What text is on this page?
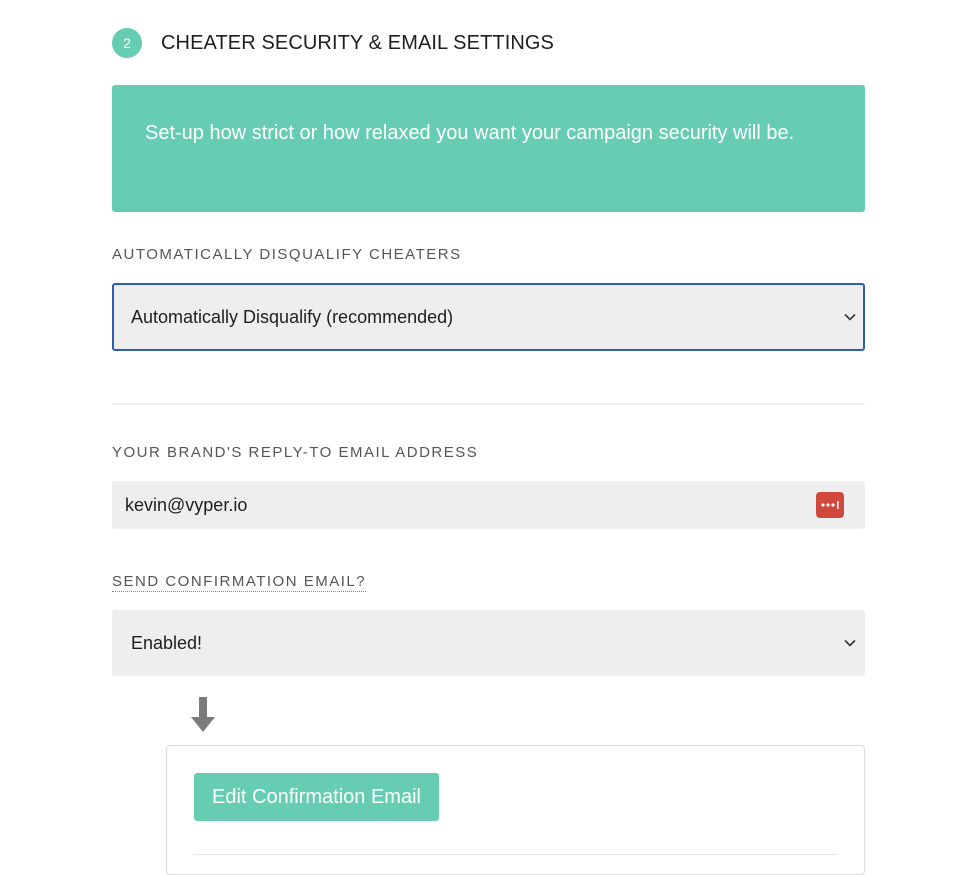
2	CHEATER SECURITY & EMAIL SETTINGS
Set-up how strict or how relaxed you want your campaign security will be.
AUTOMATICALLY DISQUALIFY CHEATERS
Automatically Disqualify (recommended)
YOUR BRAND'S REPLY-TO EMAIL ADDRESS
kevin@vyper.io
SEND CONFIRMATION EMAIL?
Enabled!
Edit Confirmation Email
